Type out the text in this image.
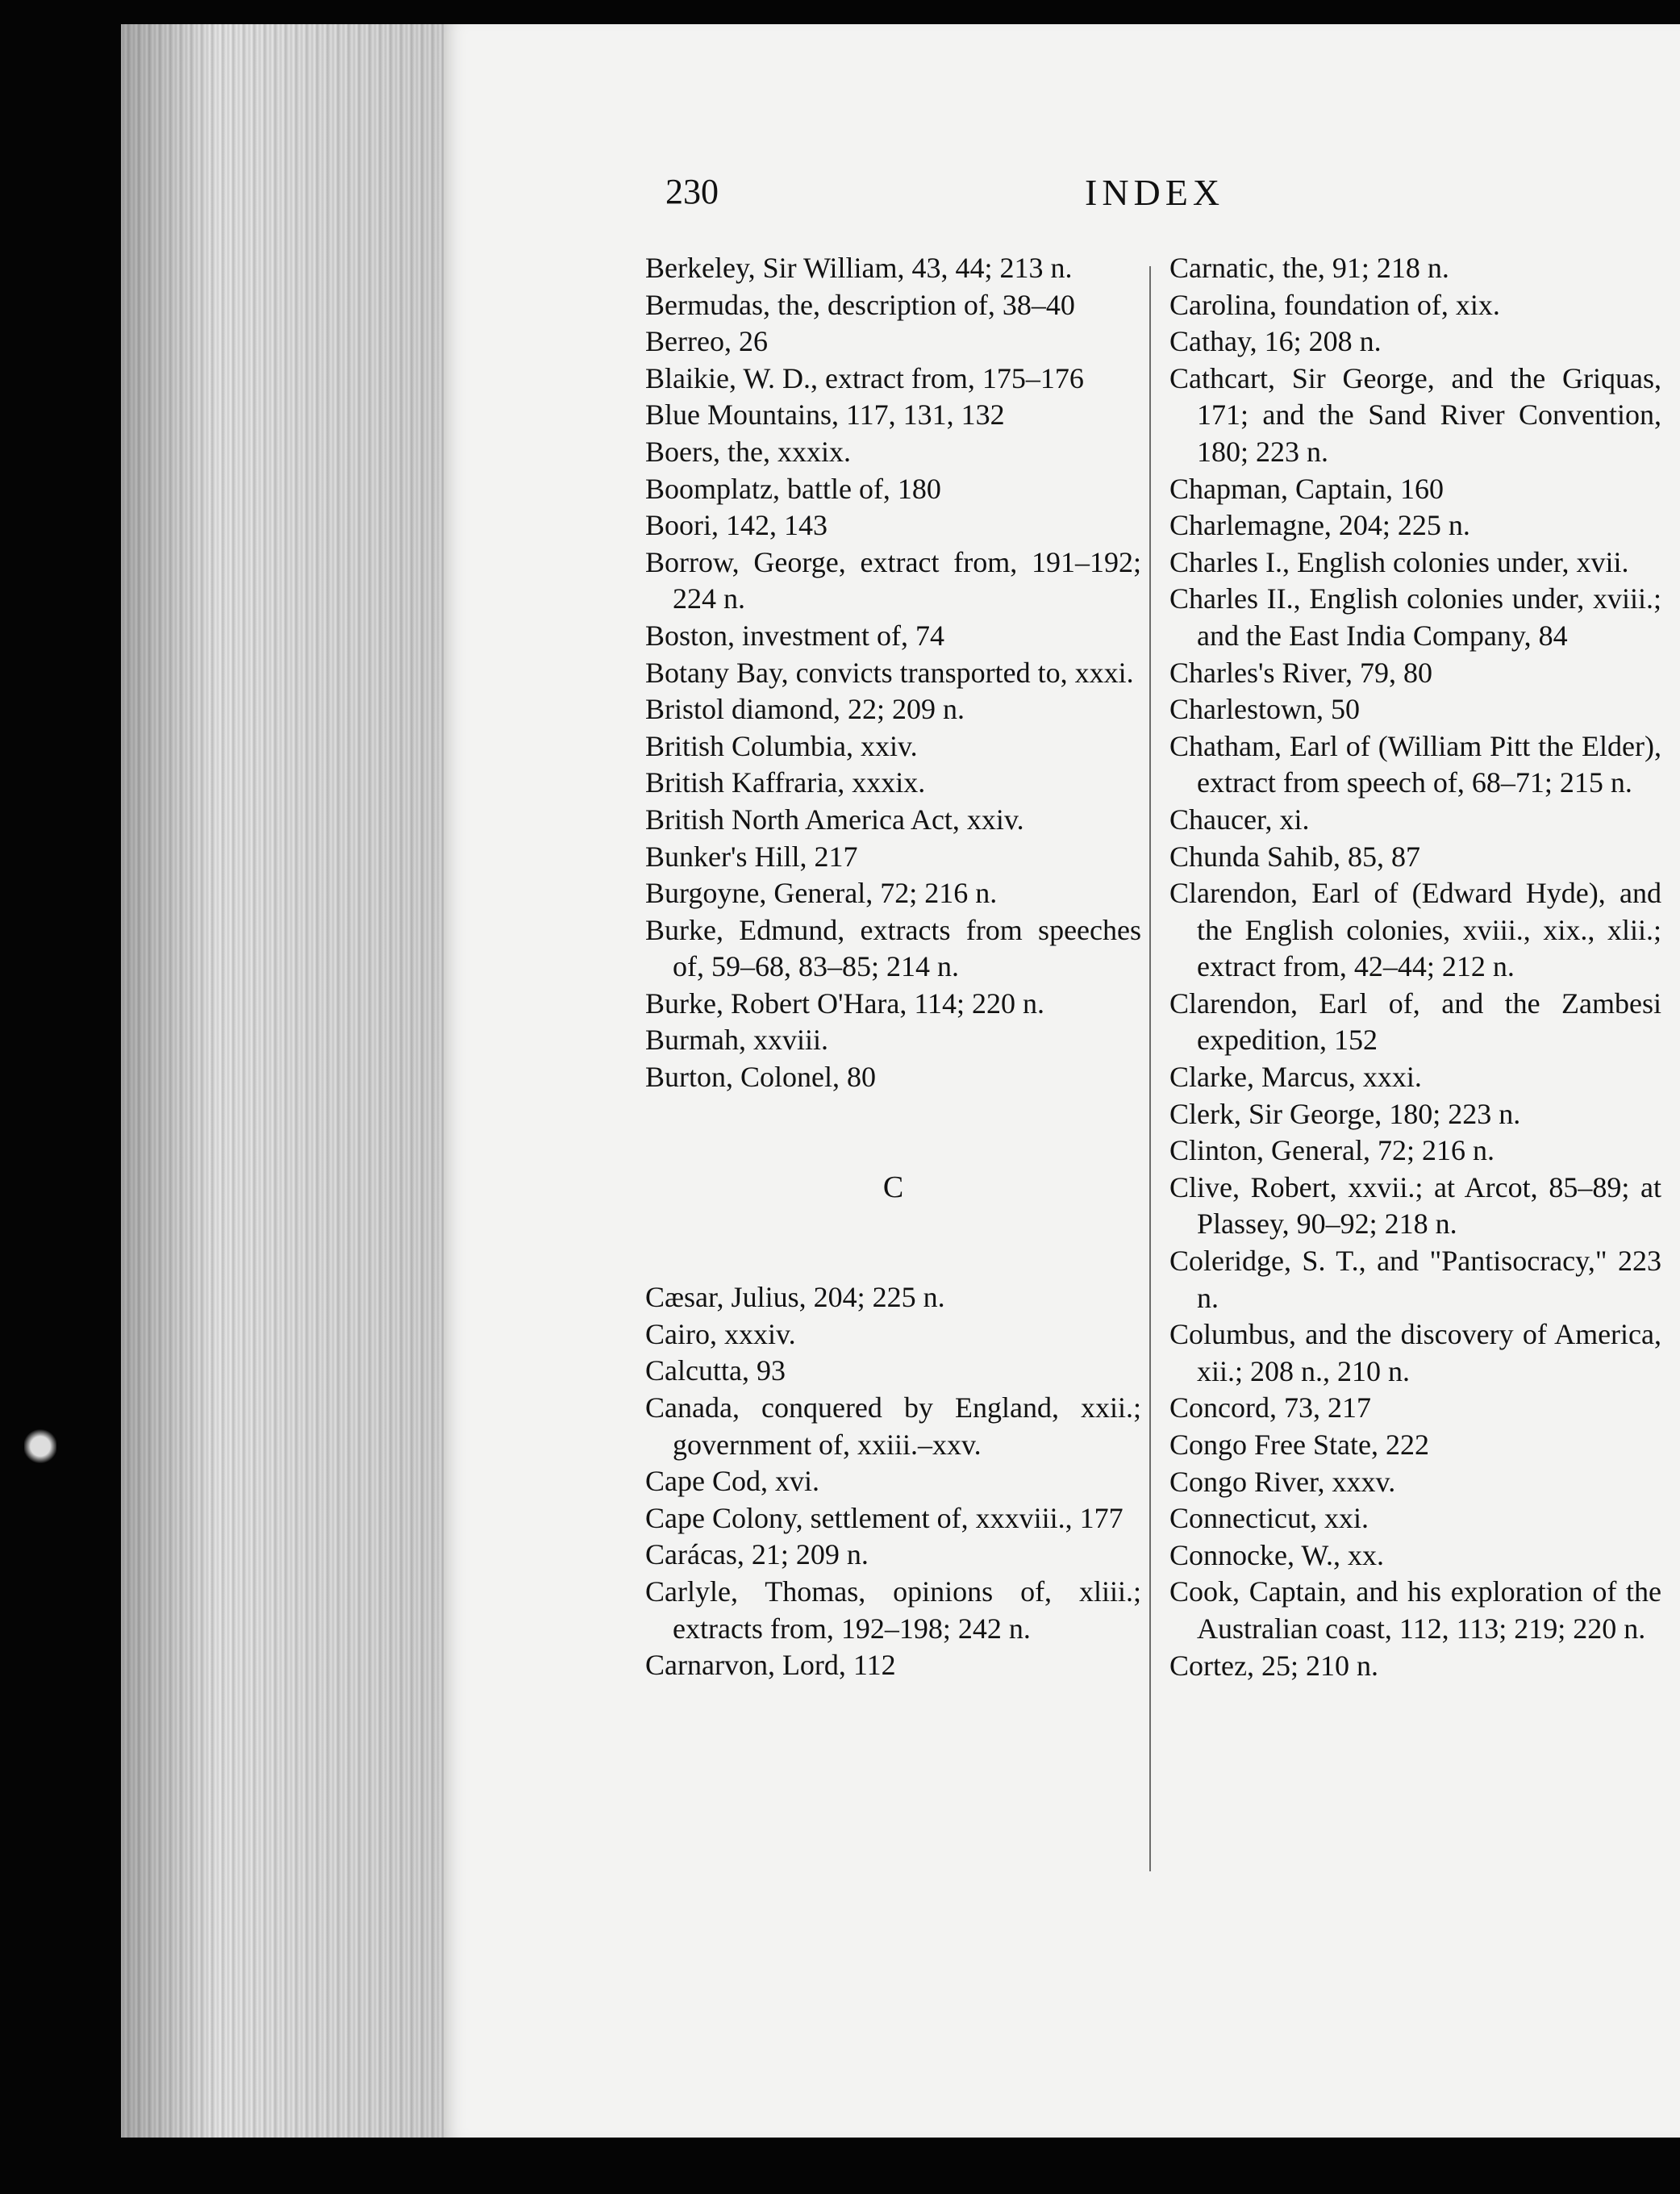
230	INDEX
Berkeley, Sir William, 43, 44; 213 n.
Bermudas, the, description of, 38–40
Berreo, 26
Blaikie, W. D., extract from, 175–176
Blue Mountains, 117, 131, 132
Boers, the, xxxix.
Boomplatz, battle of, 180
Boori, 142, 143
Borrow, George, extract from, 191–192; 224 n.
Boston, investment of, 74
Botany Bay, convicts transported to, xxxi.
Bristol diamond, 22; 209 n.
British Columbia, xxiv.
British Kaffraria, xxxix.
British North America Act, xxiv.
Bunker's Hill, 217
Burgoyne, General, 72; 216 n.
Burke, Edmund, extracts from speeches of, 59–68, 83–85; 214 n.
Burke, Robert O'Hara, 114; 220 n.
Burmah, xxviii.
Burton, Colonel, 80
C
Cæsar, Julius, 204; 225 n.
Cairo, xxxiv.
Calcutta, 93
Canada, conquered by England, xxii.; government of, xxiii.–xxv.
Cape Cod, xvi.
Cape Colony, settlement of, xxxviii., 177
Carácas, 21; 209 n.
Carlyle, Thomas, opinions of, xliii.; extracts from, 192–198; 242 n.
Carnarvon, Lord, 112
Carnatic, the, 91; 218 n.
Carolina, foundation of, xix.
Cathay, 16; 208 n.
Cathcart, Sir George, and the Griquas, 171; and the Sand River Convention, 180; 223 n.
Chapman, Captain, 160
Charlemagne, 204; 225 n.
Charles I., English colonies under, xvii.
Charles II., English colonies under, xviii.; and the East India Company, 84
Charles's River, 79, 80
Charlestown, 50
Chatham, Earl of (William Pitt the Elder), extract from speech of, 68–71; 215 n.
Chaucer, xi.
Chunda Sahib, 85, 87
Clarendon, Earl of (Edward Hyde), and the English colonies, xviii., xix., xlii.; extract from, 42–44; 212 n.
Clarendon, Earl of, and the Zambesi expedition, 152
Clarke, Marcus, xxxi.
Clerk, Sir George, 180; 223 n.
Clinton, General, 72; 216 n.
Clive, Robert, xxvii.; at Arcot, 85–89; at Plassey, 90–92; 218 n.
Coleridge, S. T., and "Pantisocracy," 223 n.
Columbus, and the discovery of America, xii.; 208 n., 210 n.
Concord, 73, 217
Congo Free State, 222
Congo River, xxxv.
Connecticut, xxi.
Connocke, W., xx.
Cook, Captain, and his exploration of the Australian coast, 112, 113; 219; 220 n.
Cortez, 25; 210 n.
